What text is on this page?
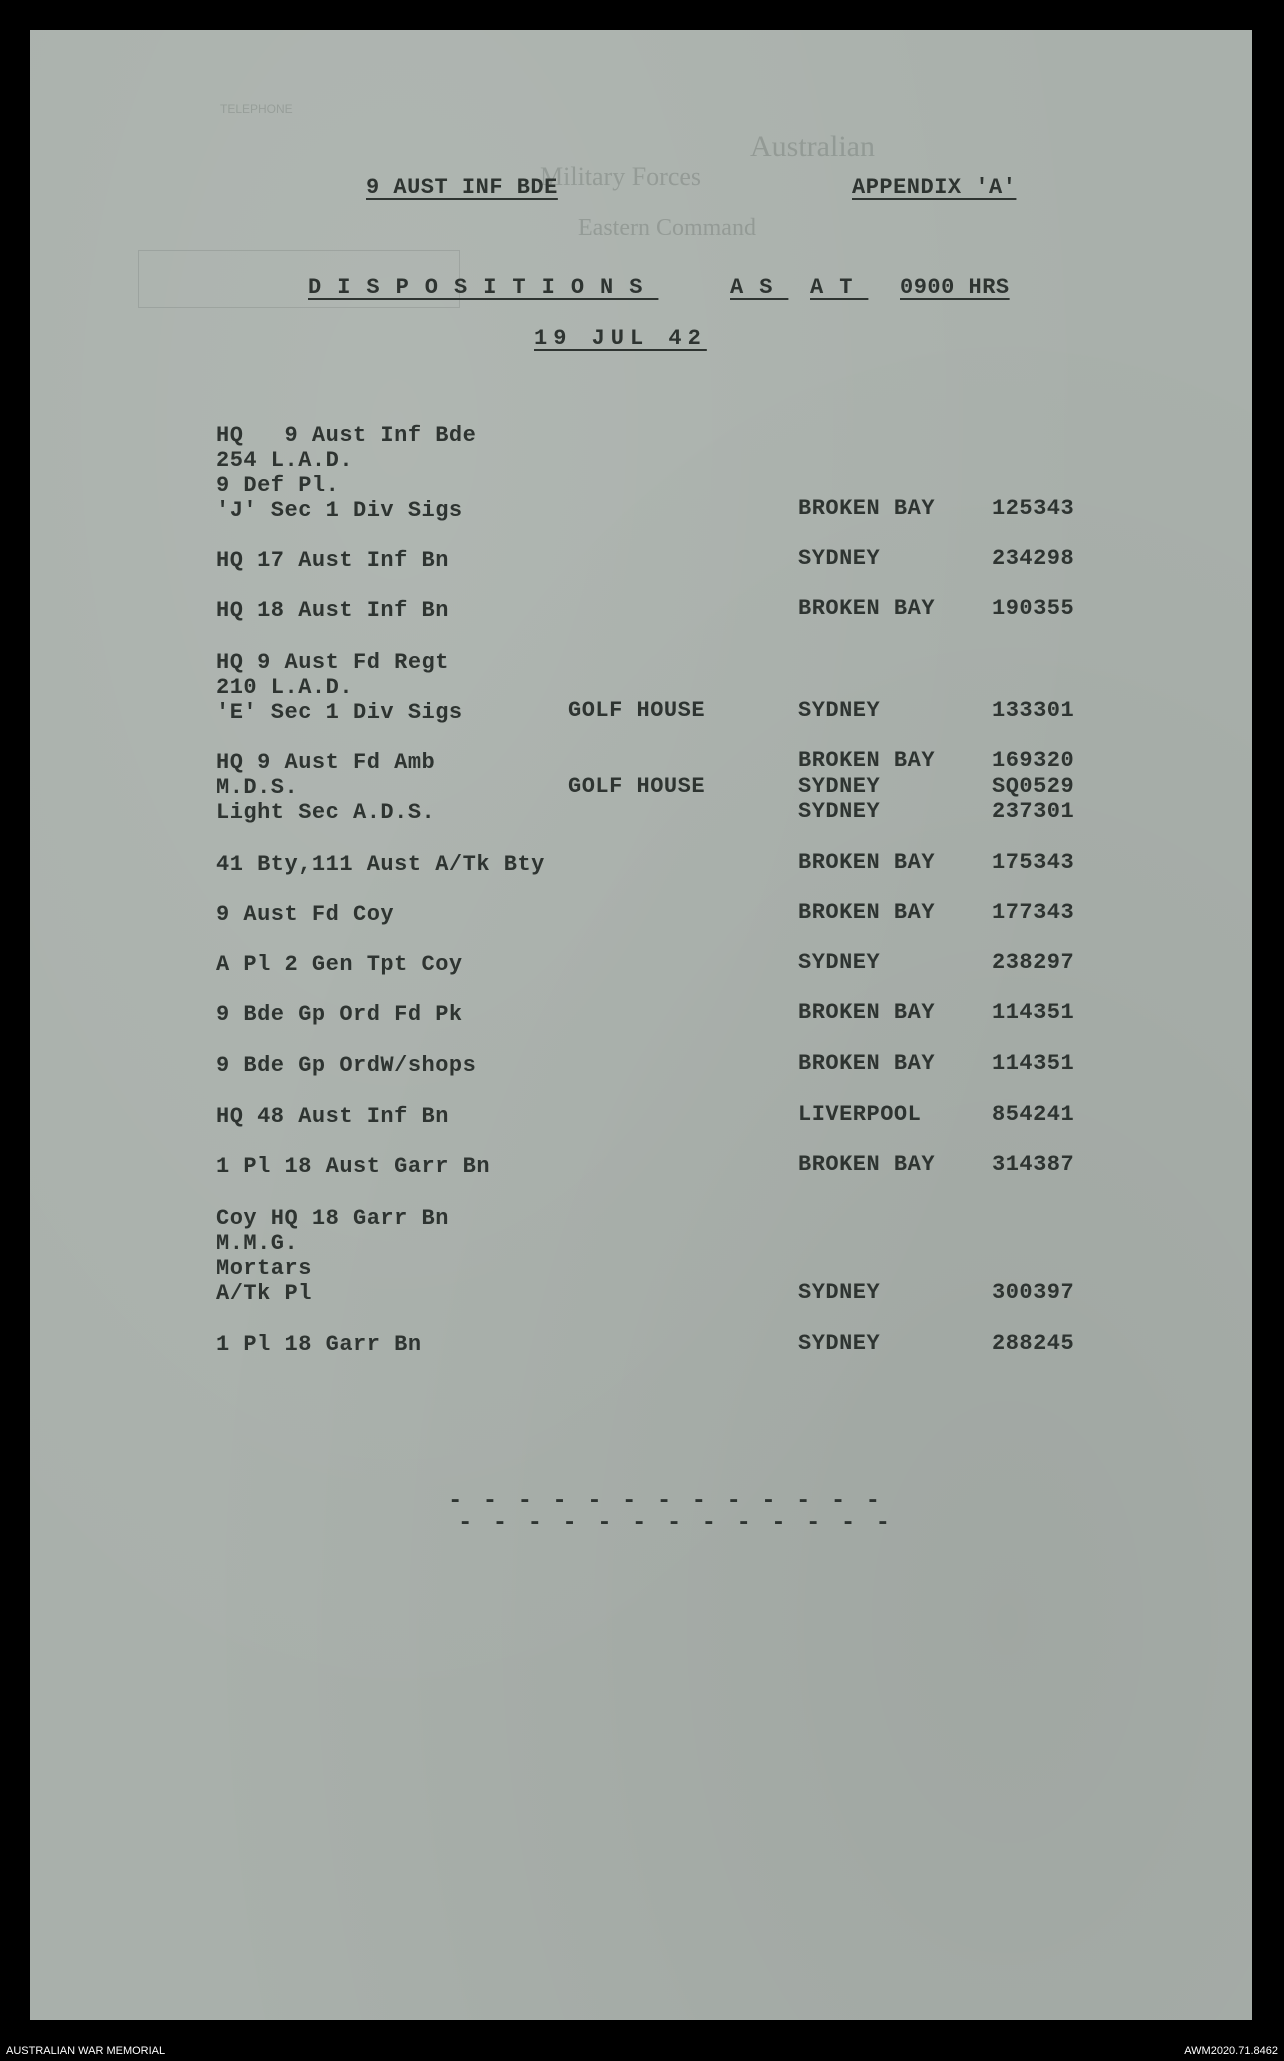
Australian
Military Forces
Eastern Command
TELEPHONE
9 AUST INF BDE	APPENDIX 'A'
DISPOSITIONS	AS AT 0900 HRS
19 JUL 42
HQ   9 Aust Inf Bde
254 L.A.D.
9 Def Pl.
'J' Sec 1 Div Sigs	BROKEN BAY	125343
HQ 17 Aust Inf Bn	SYDNEY	234298
HQ 18 Aust Inf Bn	BROKEN BAY	190355
HQ 9 Aust Fd Regt
210 L.A.D.
'E' Sec 1 Div Sigs	GOLF HOUSE	SYDNEY	133301
HQ 9 Aust Fd Amb	BROKEN BAY	169320
M.D.S.	GOLF HOUSE	SYDNEY	SQ0529
Light Sec A.D.S.	SYDNEY	237301
41 Bty,111 Aust A/Tk Bty	BROKEN BAY	175343
9 Aust Fd Coy	BROKEN BAY	177343
A Pl 2 Gen Tpt Coy	SYDNEY	238297
9 Bde Gp Ord Fd Pk	BROKEN BAY	114351
9 Bde Gp OrdW/shops	BROKEN BAY	114351
HQ 48 Aust Inf Bn	LIVERPOOL	854241
1 Pl 18 Aust Garr Bn	BROKEN BAY	314387
Coy HQ 18 Garr Bn
M.M.G.
Mortars
A/Tk Pl	SYDNEY	300397
1 Pl 18 Garr Bn	SYDNEY	288245
- - - - - - - - - - - - -
- - - - - - - - - - - - -
AUSTRALIAN WAR MEMORIAL	AWM2020.71.8462
